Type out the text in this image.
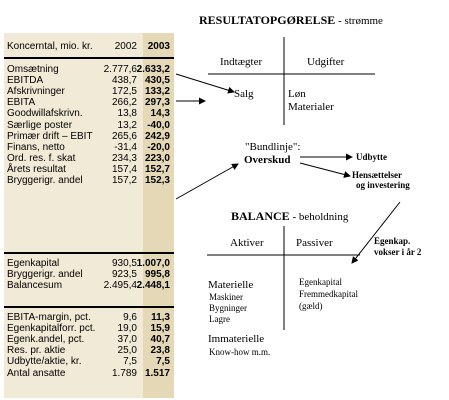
Koncerntal, mio. kr. 2002 2003
Omsætning	2.777,6 2.633,2
EBITDA	438,7 430,5
Afskrivninger	172,5 133,2
EBITA	266,2 297,3
Goodwillafskrivn.	13,8 14,3
Særlige poster	13,2 -40,0
Primær drift – EBIT 265,6 242,9
Finans, netto	-31,4 -20,0
Ord. res. f. skat	234,3 223,0
Årets resultat	157,4 152,7
Bryggerigr. andel	157,2 152,3
Egenkapital	930,5 1.007,0
Bryggerigr. andel	923,5 995,8
Balancesum	2.495,4 2.448,1
EBITA-margin, pct.	9,6 11,3
Egenkapitalforr. pct. 19,0 15,9
Egenk.andel, pct.	37,0 40,7
Res. pr. aktie	25,0 23,8
Udbytte/aktie, kr.	7,5 7,5
Antal ansatte	1.789 1.517
RESULTATOPGØRELSE - strømme
Indtægter	Udgifter
Salg	Løn
Materialer
"Bundlinje":
Overskud	Udbytte
Hensættelser
og investering
BALANCE - beholdning
Egenkap.
vokser i år 2
Aktiver	Passiver
Materielle
Maskiner
Bygninger
Lagre
Egenkapital
Fremmedkapital
(gæld)
Immaterielle
Know-how m.m.
